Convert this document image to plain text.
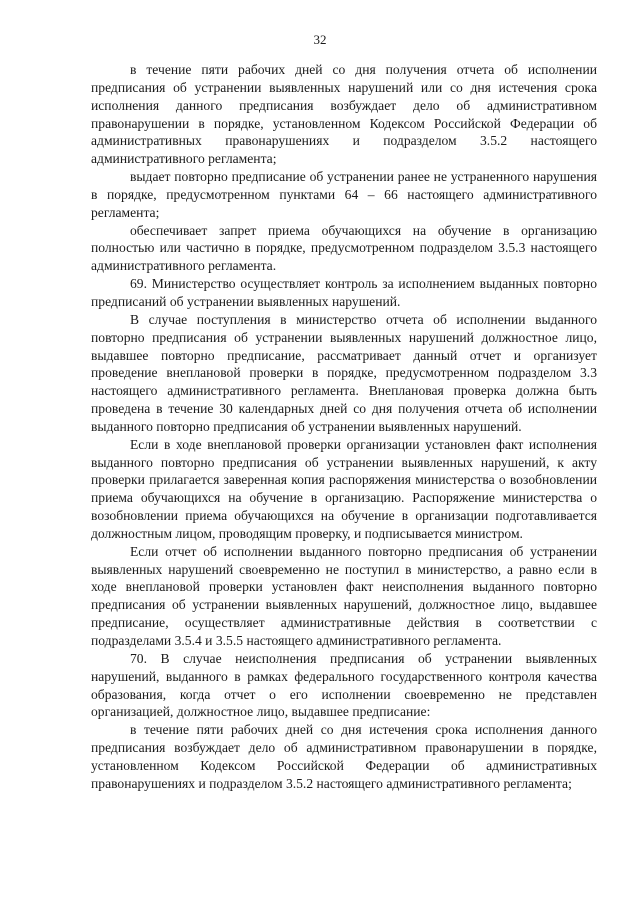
32

в течение пяти рабочих дней со дня получения отчета об исполнении предписания об устранении выявленных нарушений или со дня истечения срока исполнения данного предписания возбуждает дело об административном правонарушении в порядке, установленном Кодексом Российской Федерации об административных правонарушениях и подразделом 3.5.2 настоящего административного регламента;

выдает повторно предписание об устранении ранее не устраненного нарушения в порядке, предусмотренном пунктами 64 – 66 настоящего административного регламента;

обеспечивает запрет приема обучающихся на обучение в организацию полностью или частично в порядке, предусмотренном подразделом 3.5.3 настоящего административного регламента.

69. Министерство осуществляет контроль за исполнением выданных повторно предписаний об устранении выявленных нарушений.

В случае поступления в министерство отчета об исполнении выданного повторно предписания об устранении выявленных нарушений должностное лицо, выдавшее повторно предписание, рассматривает данный отчет и организует проведение внеплановой проверки в порядке, предусмотренном подразделом 3.3 настоящего административного регламента. Внеплановая проверка должна быть проведена в течение 30 календарных дней со дня получения отчета об исполнении выданного повторно предписания об устранении выявленных нарушений.

Если в ходе внеплановой проверки организации установлен факт исполнения выданного повторно предписания об устранении выявленных нарушений, к акту проверки прилагается заверенная копия распоряжения министерства о возобновлении приема обучающихся на обучение в организацию. Распоряжение министерства о возобновлении приема обучающихся на обучение в организации подготавливается должностным лицом, проводящим проверку, и подписывается министром.

Если отчет об исполнении выданного повторно предписания об устранении выявленных нарушений своевременно не поступил в министерство, а равно если в ходе внеплановой проверки установлен факт неисполнения выданного повторно предписания об устранении выявленных нарушений, должностное лицо, выдавшее предписание, осуществляет административные действия в соответствии с подразделами 3.5.4 и 3.5.5 настоящего административного регламента.

70. В случае неисполнения предписания об устранении выявленных нарушений, выданного в рамках федерального государственного контроля качества образования, когда отчет о его исполнении своевременно не представлен организацией, должностное лицо, выдавшее предписание:

в течение пяти рабочих дней со дня истечения срока исполнения данного предписания возбуждает дело об административном правонарушении в порядке, установленном Кодексом Российской Федерации об административных правонарушениях и подразделом 3.5.2 настоящего административного регламента;
